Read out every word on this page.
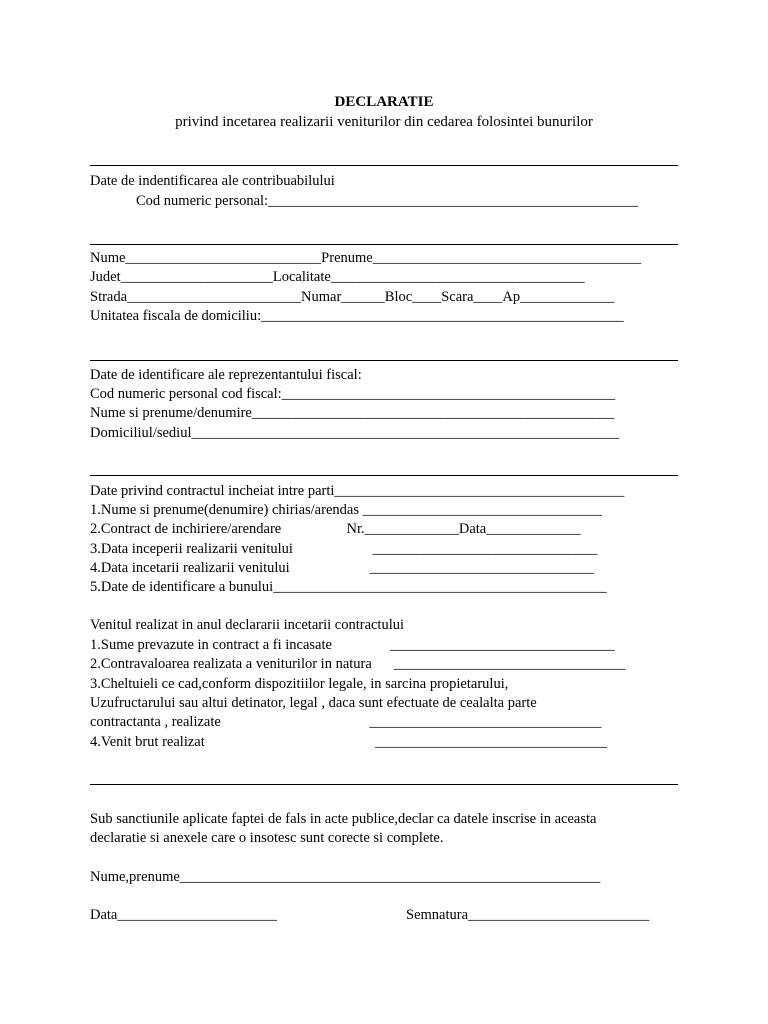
DECLARATIE
privind incetarea realizarii veniturilor din cedarea folosintei bunurilor
Date de indentificarea ale contribuabilului
Cod numeric personal:___________________________________________________
Nume___________________________Prenume_____________________________________
Judet_____________________Localitate___________________________________
Strada________________________Numar______Bloc____Scara____Ap_____________
Unitatea fiscala de domiciliu:__________________________________________________
Date de identificare ale reprezentantului fiscal:
Cod numeric personal cod fiscal:______________________________________________
Nume si prenume/denumire__________________________________________________
Domiciliul/sediul___________________________________________________________
Date privind contractul incheiat intre parti________________________________________
1.Nume si prenume(denumire) chirias/arendas _________________________________
2.Contract de inchiriere/arendare                  Nr._____________Data_____________
3.Data inceperii realizarii venitului                      _______________________________
4.Data incetarii realizarii venitului                      _______________________________
5.Date de identificare a bunului______________________________________________
Venitul realizat in anul declararii incetarii contractului
1.Sume prevazute in contract a fi incasate                _______________________________
2.Contravaloarea realizata a veniturilor in natura      ________________________________
3.Cheltuieli ce cad,conform dispozitiilor legale, in sarcina propietarului,
Uzufructarului sau altui detinator, legal , daca sunt efectuate de cealalta parte
contractanta , realizate                                         ________________________________
4.Venit brut realizat                                               ________________________________
Sub sanctiunile aplicate faptei de fals in acte publice,declar ca datele inscrise in aceasta
declaratie si anexele care o insotesc sunt corecte si complete.
Nume,prenume__________________________________________________________
Data______________________	Semnatura_________________________
